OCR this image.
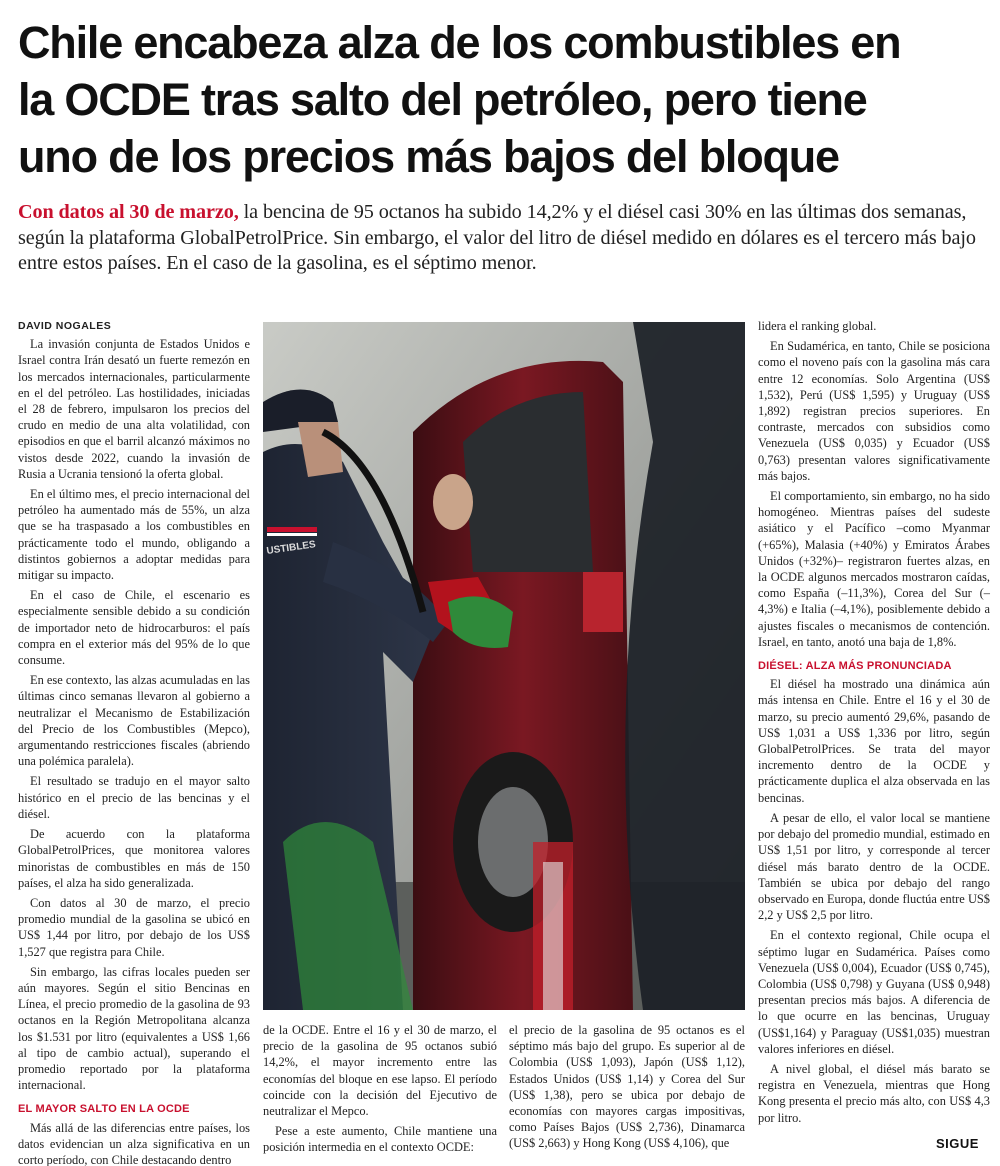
Chile encabeza alza de los combustibles en
la OCDE tras salto del petróleo, pero tiene
uno de los precios más bajos del bloque

Con datos al 30 de marzo, la bencina de 95 octanos ha subido 14,2% y el diésel casi 30% en las últimas dos semanas, según la plataforma GlobalPetrolPrice. Sin embargo, el valor del litro de diésel medido en dólares es el tercero más bajo entre estos países. En el caso de la gasolina, es el séptimo menor.

DAVID NOGALES

La invasión conjunta de Estados Unidos e Israel contra Irán desató un fuerte remezón en los mercados internacionales, particularmente en el del petróleo. Las hostilidades, iniciadas el 28 de febrero, impulsaron los precios del crudo en medio de una alta volatilidad, con episodios en que el barril alcanzó máximos no vistos desde 2022, cuando la invasión de Rusia a Ucrania tensionó la oferta global.

En el último mes, el precio internacional del petróleo ha aumentado más de 55%, un alza que se ha traspasado a los combustibles en prácticamente todo el mundo, obligando a distintos gobiernos a adoptar medidas para mitigar su impacto.

En el caso de Chile, el escenario es especialmente sensible debido a su condición de importador neto de hidrocarburos: el país compra en el exterior más del 95% de lo que consume.

En ese contexto, las alzas acumuladas en las últimas cinco semanas llevaron al gobierno a neutralizar el Mecanismo de Estabilización del Precio de los Combustibles (Mepco), argumentando restricciones fiscales (abriendo una polémica paralela).

El resultado se tradujo en el mayor salto histórico en el precio de las bencinas y el diésel.

De acuerdo con la plataforma GlobalPetrolPrices, que monitorea valores minoristas de combustibles en más de 150 países, el alza ha sido generalizada.

Con datos al 30 de marzo, el precio promedio mundial de la gasolina se ubicó en US$ 1,44 por litro, por debajo de los US$ 1,527 que registra para Chile.

Sin embargo, las cifras locales pueden ser aún mayores. Según el sitio Bencinas en Línea, el precio promedio de la gasolina de 93 octanos en la Región Metropolitana alcanza los $1.531 por litro (equivalentes a US$ 1,66 al tipo de cambio actual), superando el promedio reportado por la plataforma internacional.

EL MAYOR SALTO EN LA OCDE

Más allá de las diferencias entre países, los datos evidencian un alza significativa en un corto período, con Chile destacando dentro

USTIBLES

de la OCDE. Entre el 16 y el 30 de marzo, el precio de la gasolina de 95 octanos subió 14,2%, el mayor incremento entre las economías del bloque en ese lapso. El período coincide con la decisión del Ejecutivo de neutralizar el Mepco.

Pese a este aumento, Chile mantiene una posición intermedia en el contexto OCDE:

el precio de la gasolina de 95 octanos es el séptimo más bajo del grupo. Es superior al de Colombia (US$ 1,093), Japón (US$ 1,12), Estados Unidos (US$ 1,14) y Corea del Sur (US$ 1,38), pero se ubica por debajo de economías con mayores cargas impositivas, como Países Bajos (US$ 2,736), Dinamarca (US$ 2,663) y Hong Kong (US$ 4,106), que

lidera el ranking global.

En Sudamérica, en tanto, Chile se posiciona como el noveno país con la gasolina más cara entre 12 economías. Solo Argentina (US$ 1,532), Perú (US$ 1,595) y Uruguay (US$ 1,892) registran precios superiores. En contraste, mercados con subsidios como Venezuela (US$ 0,035) y Ecuador (US$ 0,763) presentan valores significativamente más bajos.

El comportamiento, sin embargo, no ha sido homogéneo. Mientras países del sudeste asiático y el Pacífico –como Myanmar (+65%), Malasia (+40%) y Emiratos Árabes Unidos (+32%)– registraron fuertes alzas, en la OCDE algunos mercados mostraron caídas, como España (–11,3%), Corea del Sur (–4,3%) e Italia (–4,1%), posiblemente debido a ajustes fiscales o mecanismos de contención. Israel, en tanto, anotó una baja de 1,8%.

DIÉSEL: ALZA MÁS PRONUNCIADA

El diésel ha mostrado una dinámica aún más intensa en Chile. Entre el 16 y el 30 de marzo, su precio aumentó 29,6%, pasando de US$ 1,031 a US$ 1,336 por litro, según GlobalPetrolPrices. Se trata del mayor incremento dentro de la OCDE y prácticamente duplica el alza observada en las bencinas.

A pesar de ello, el valor local se mantiene por debajo del promedio mundial, estimado en US$ 1,51 por litro, y corresponde al tercer diésel más barato dentro de la OCDE. También se ubica por debajo del rango observado en Europa, donde fluctúa entre US$ 2,2 y US$ 2,5 por litro.

En el contexto regional, Chile ocupa el séptimo lugar en Sudamérica. Países como Venezuela (US$ 0,004), Ecuador (US$ 0,745), Colombia (US$ 0,798) y Guyana (US$ 0,948) presentan precios más bajos. A diferencia de lo que ocurre en las bencinas, Uruguay (US$1,164) y Paraguay (US$1,035) muestran valores inferiores en diésel.

A nivel global, el diésel más barato se registra en Venezuela, mientras que Hong Kong presenta el precio más alto, con US$ 4,3 por litro.

SIGUE
